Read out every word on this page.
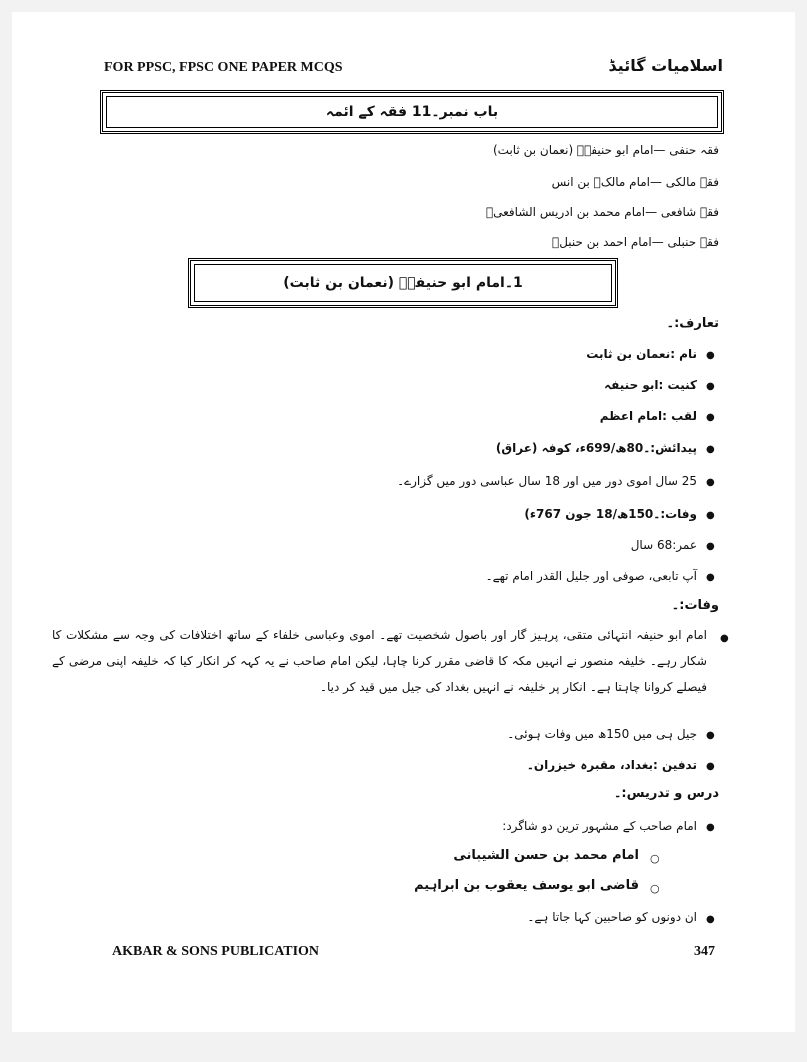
FOR PPSC, FPSC ONE PAPER MCQS	اسلامیات گائیڈ
باب نمبر۔11 فقہ کے ائمہ
فقہ حنفی —امام ابو حنیفہؒ (نعمان بن ثابت)
فقہ مالکی —امام مالکؒ بن انس
فقہ شافعی —امام محمد بن ادریس الشافعیؒ
فقہ حنبلی —امام احمد بن حنبلؒ
1۔امام ابو حنیفہؒ (نعمان بن ثابت)
تعارف:۔
●
نام :نعمان بن ثابت
●
کنیت :ابو حنیفہ
●
لقب :امام اعظم
●
پیدائش:۔80ھ/699ء، کوفہ (عراق)
●
25 سال اموی دور میں اور 18 سال عباسی دور میں گزارے۔
●
وفات:۔150ھ/18 جون 767ء)
●
عمر:68 سال
●
آپ تابعی، صوفی اور جلیل القدر امام تھے۔
وفات:۔
●
امام ابو حنیفہ انتہائی متقی، پرہیز گار اور باصول شخصیت تھے۔ اموی وعباسی خلفاء کے ساتھ اختلافات کی وجہ سے مشکلات کا شکار رہے۔ خلیفہ منصور نے انہیں مکہ کا قاضی مقرر کرنا چاہا، لیکن امام صاحب نے یہ کہہ کر انکار کیا کہ خلیفہ اپنی مرضی کے فیصلے کروانا چاہتا ہے۔ انکار پر خلیفہ نے انہیں بغداد کی جیل میں قید کر دیا۔
●
جیل ہی میں 150ھ میں وفات ہوئی۔
●
تدفین :بغداد، مقبرہ خیزران۔
درس و تدریس:۔
●
امام صاحب کے مشہور ترین دو شاگرد:
○
امام محمد بن حسن الشیبانی
○
قاضی ابو یوسف یعقوب بن ابراہیم
●
ان دونوں کو صاحبین کہا جاتا ہے۔
AKBAR & SONS PUBLICATION	347
